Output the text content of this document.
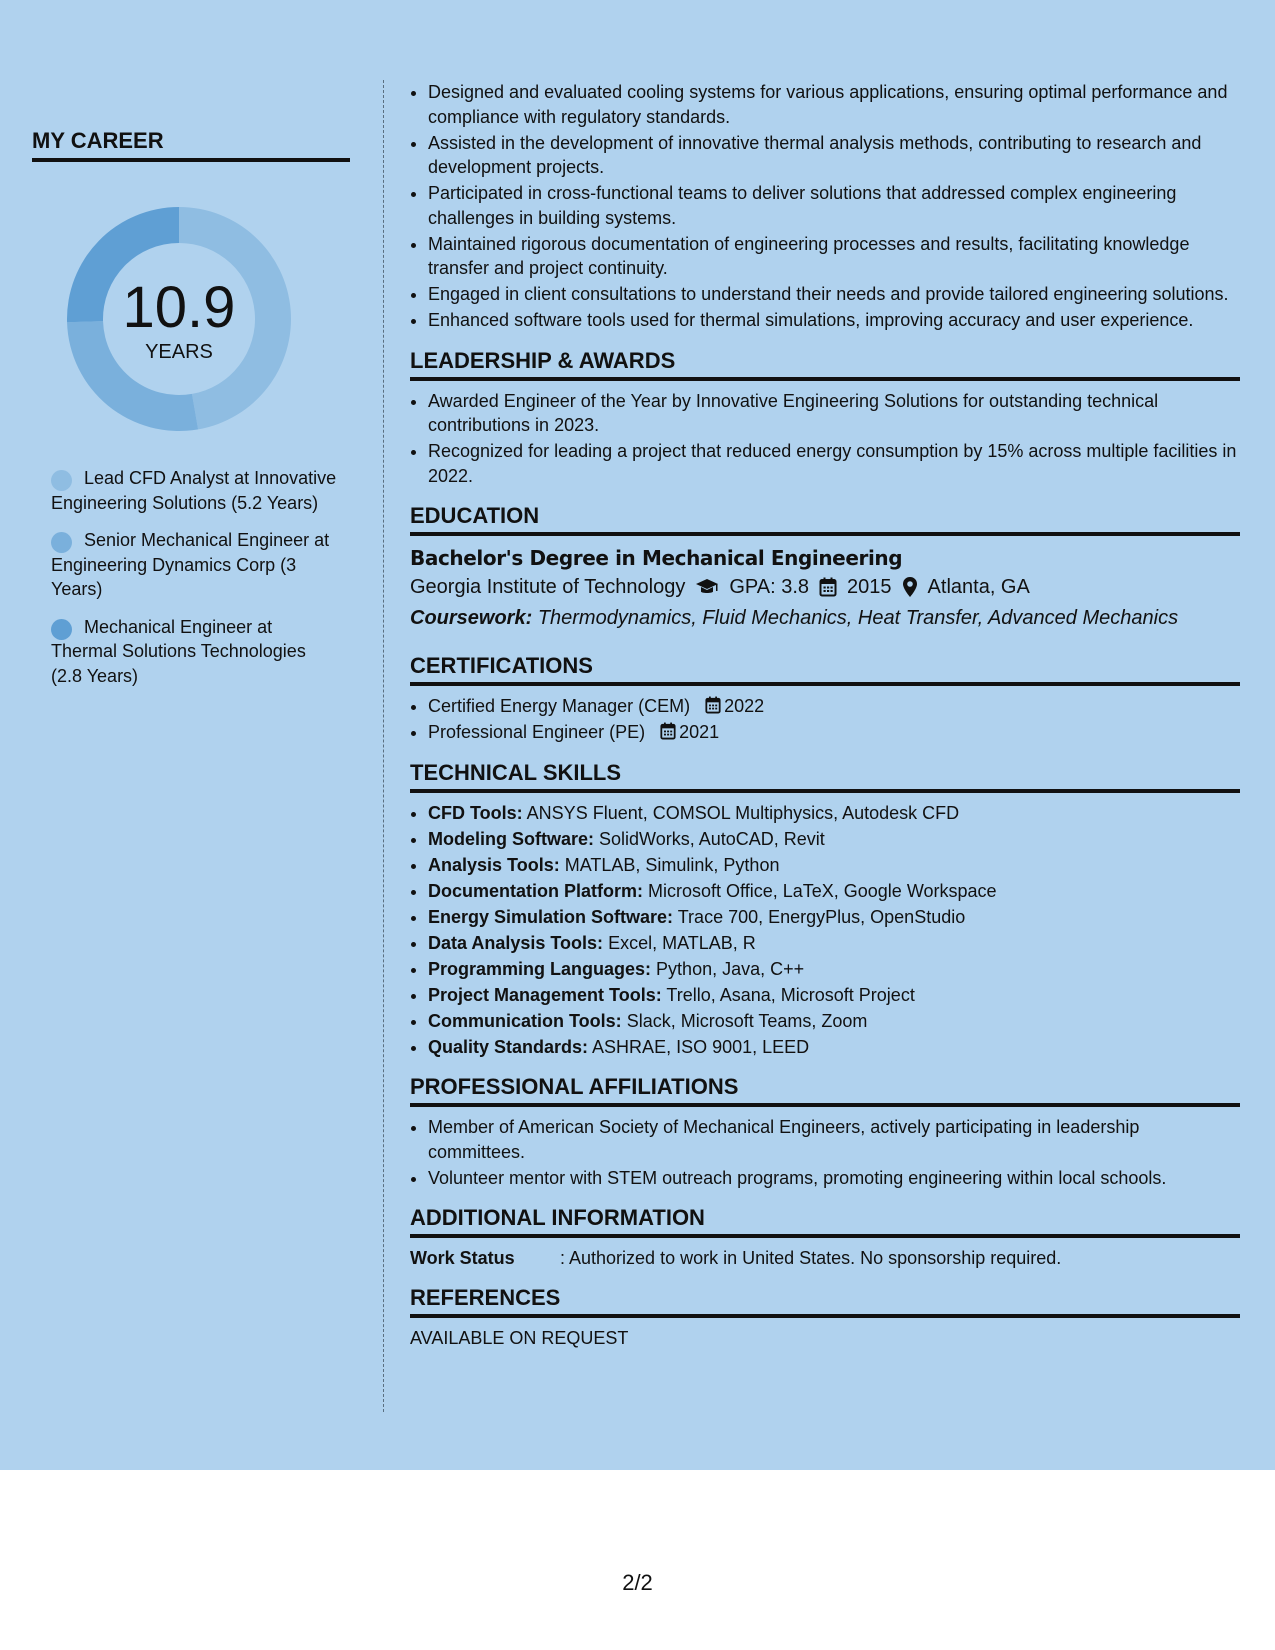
MY CAREER
10.9
YEARS
Lead CFD Analyst at Innovative Engineering Solutions (5.2 Years)
Senior Mechanical Engineer at Engineering Dynamics Corp (3 Years)
Mechanical Engineer at Thermal Solutions Technologies (2.8 Years)
• Designed and evaluated cooling systems for various applications, ensuring optimal performance and compliance with regulatory standards.
• Assisted in the development of innovative thermal analysis methods, contributing to research and development projects.
• Participated in cross-functional teams to deliver solutions that addressed complex engineering challenges in building systems.
• Maintained rigorous documentation of engineering processes and results, facilitating knowledge transfer and project continuity.
• Engaged in client consultations to understand their needs and provide tailored engineering solutions.
• Enhanced software tools used for thermal simulations, improving accuracy and user experience.
LEADERSHIP & AWARDS
• Awarded Engineer of the Year by Innovative Engineering Solutions for outstanding technical contributions in 2023.
• Recognized for leading a project that reduced energy consumption by 15% across multiple facilities in 2022.
EDUCATION
Bachelor's Degree in Mechanical Engineering
Georgia Institute of Technology GPA: 3.8 2015 Atlanta, GA
Coursework: Thermodynamics, Fluid Mechanics, Heat Transfer, Advanced Mechanics
CERTIFICATIONS
• Certified Energy Manager (CEM) 2022
• Professional Engineer (PE) 2021
TECHNICAL SKILLS
• CFD Tools: ANSYS Fluent, COMSOL Multiphysics, Autodesk CFD
• Modeling Software: SolidWorks, AutoCAD, Revit
• Analysis Tools: MATLAB, Simulink, Python
• Documentation Platform: Microsoft Office, LaTeX, Google Workspace
• Energy Simulation Software: Trace 700, EnergyPlus, OpenStudio
• Data Analysis Tools: Excel, MATLAB, R
• Programming Languages: Python, Java, C++
• Project Management Tools: Trello, Asana, Microsoft Project
• Communication Tools: Slack, Microsoft Teams, Zoom
• Quality Standards: ASHRAE, ISO 9001, LEED
PROFESSIONAL AFFILIATIONS
• Member of American Society of Mechanical Engineers, actively participating in leadership committees.
• Volunteer mentor with STEM outreach programs, promoting engineering within local schools.
ADDITIONAL INFORMATION
Work Status	: Authorized to work in United States. No sponsorship required.
REFERENCES
AVAILABLE ON REQUEST
2/2
